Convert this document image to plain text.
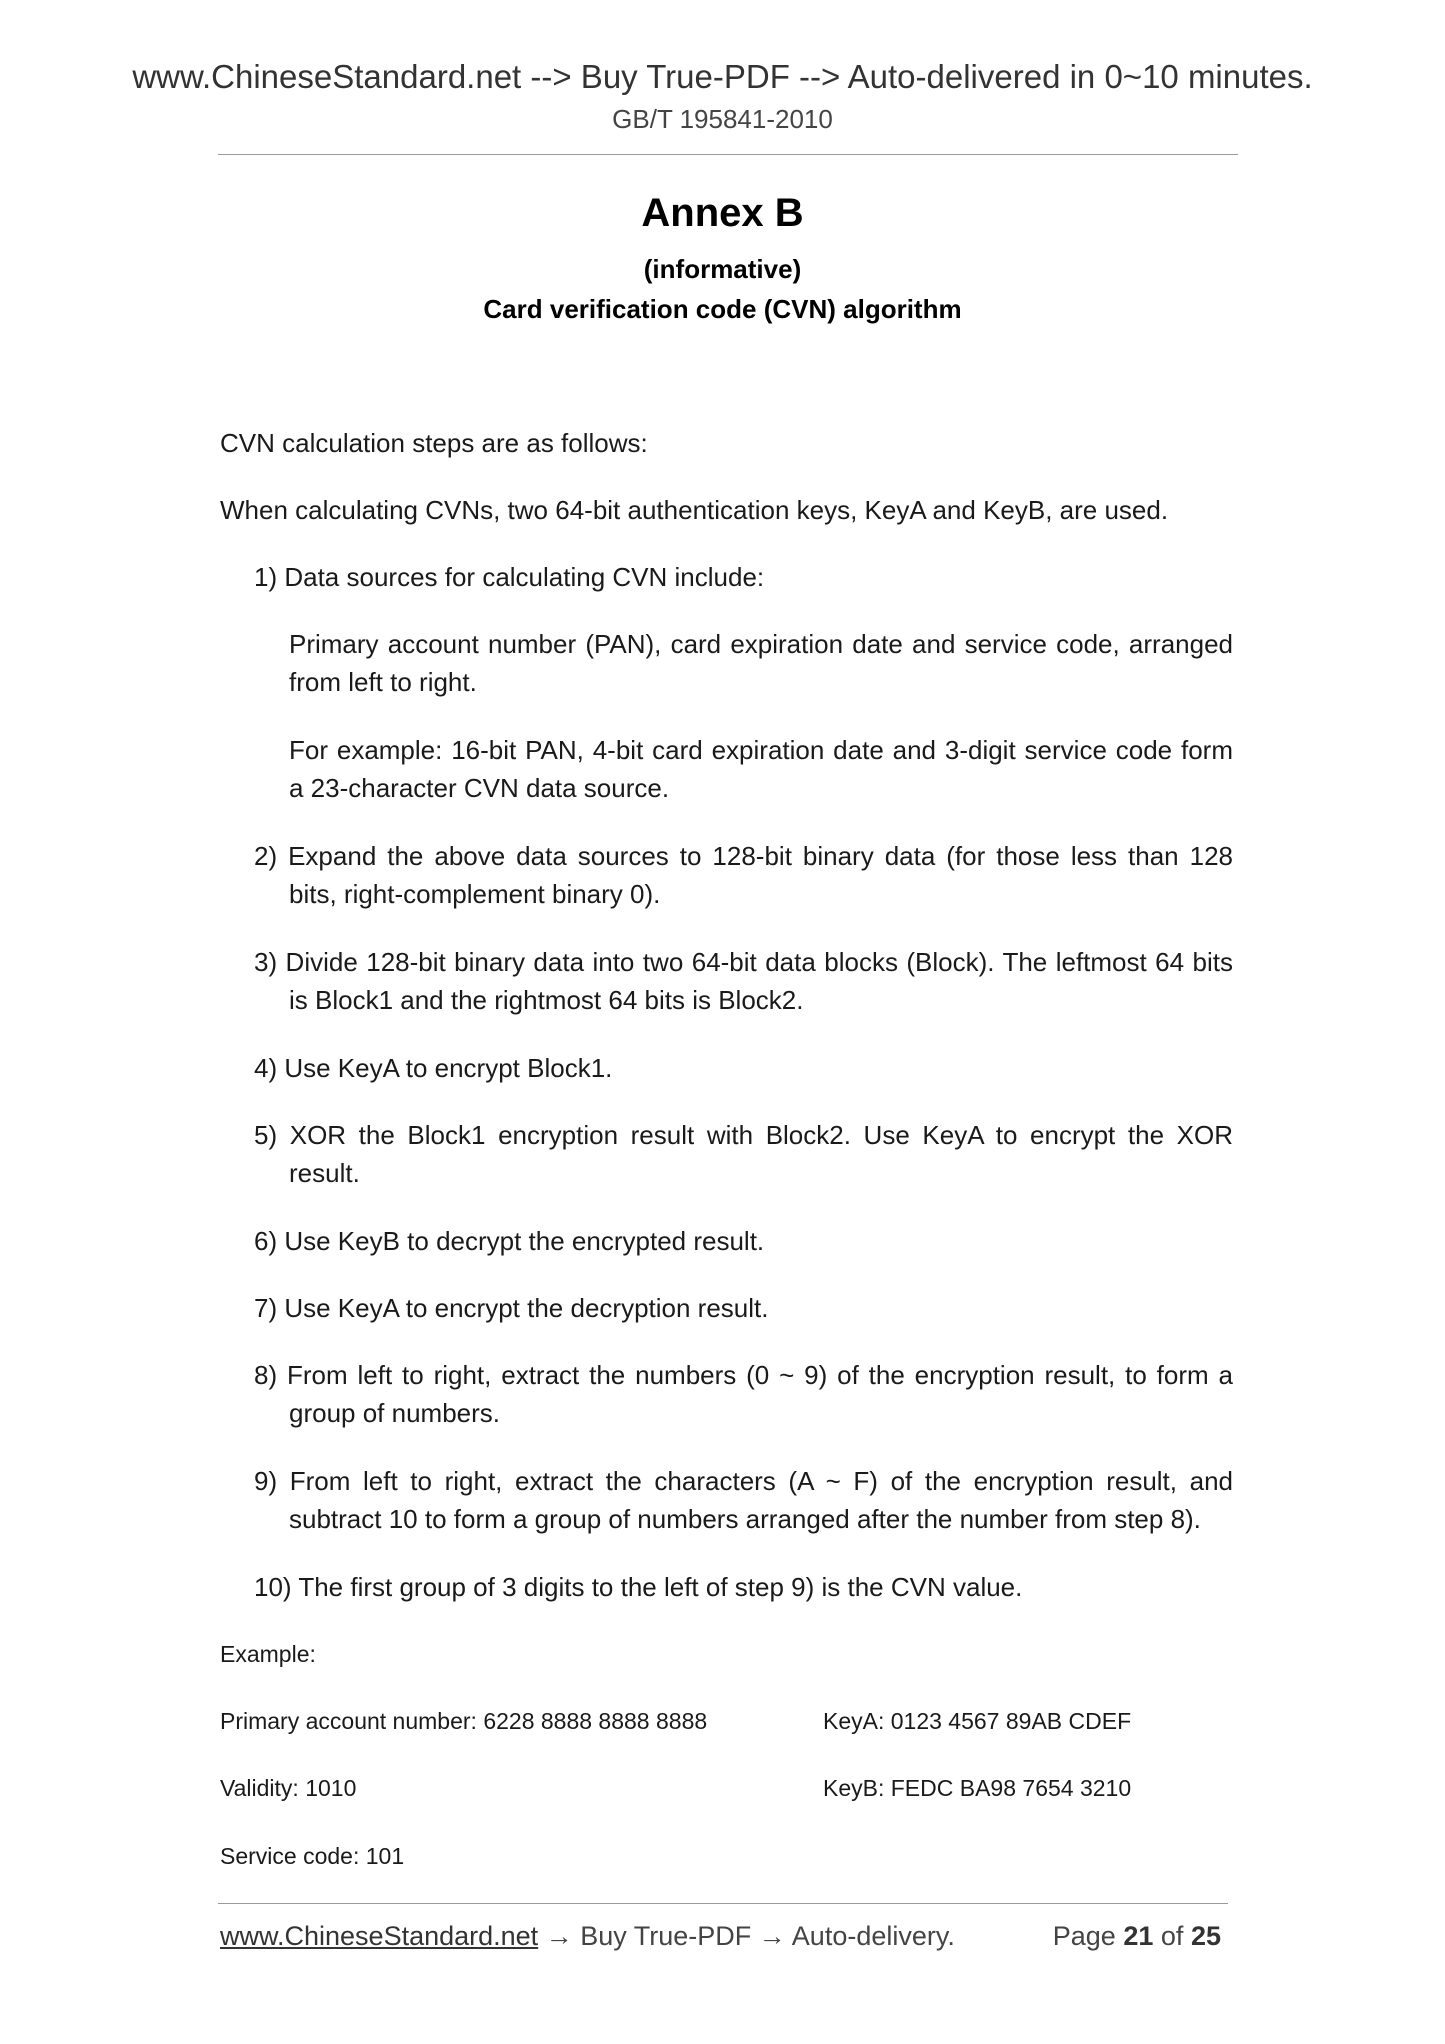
www.ChineseStandard.net --> Buy True-PDF --> Auto-delivered in 0~10 minutes.
GB/T 195841-2010
Annex B
(informative)
Card verification code (CVN) algorithm
CVN calculation steps are as follows:
When calculating CVNs, two 64-bit authentication keys, KeyA and KeyB, are used.
1) Data sources for calculating CVN include:
Primary account number (PAN), card expiration date and service code, arranged from left to right.
For example: 16-bit PAN, 4-bit card expiration date and 3-digit service code form a 23-character CVN data source.
2) Expand the above data sources to 128-bit binary data (for those less than 128 bits, right-complement binary 0).
3) Divide 128-bit binary data into two 64-bit data blocks (Block). The leftmost 64 bits is Block1 and the rightmost 64 bits is Block2.
4) Use KeyA to encrypt Block1.
5) XOR the Block1 encryption result with Block2. Use KeyA to encrypt the XOR result.
6) Use KeyB to decrypt the encrypted result.
7) Use KeyA to encrypt the decryption result.
8) From left to right, extract the numbers (0 ~ 9) of the encryption result, to form a group of numbers.
9) From left to right, extract the characters (A ~ F) of the encryption result, and subtract 10 to form a group of numbers arranged after the number from step 8).
10) The first group of 3 digits to the left of step 9) is the CVN value.
Example:
Primary account number: 6228 8888 8888 8888	KeyA: 0123 4567 89AB CDEF
Validity: 1010	KeyB: FEDC BA98 7654 3210
Service code: 101
www.ChineseStandard.net → Buy True-PDF → Auto-delivery.	Page 21 of 25
